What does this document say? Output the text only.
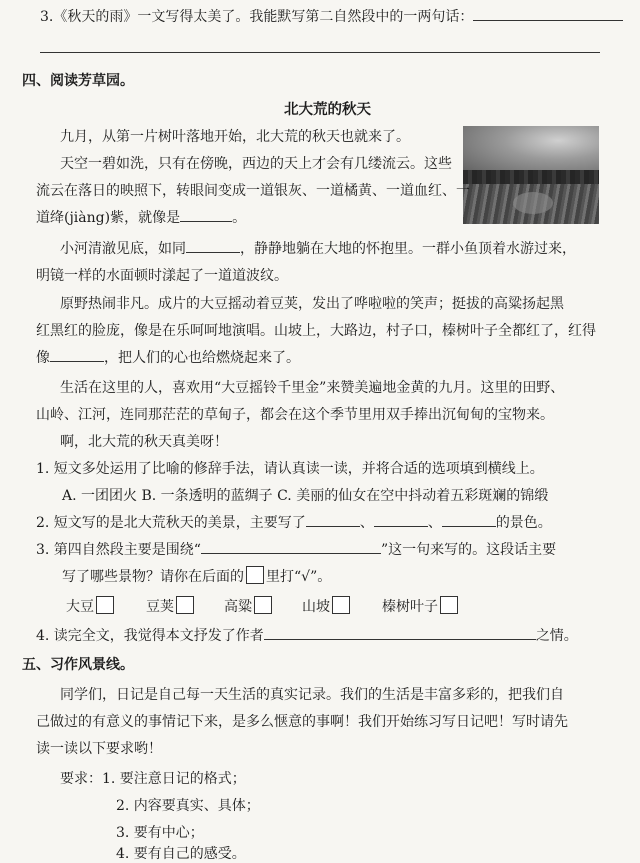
3.《秋天的雨》一文写得太美了。我能默写第二自然段中的一两句话：
四、阅读芳草园。
北大荒的秋天
九月，从第一片树叶落地开始，北大荒的秋天也就来了。
天空一碧如洗，只有在傍晚，西边的天上才会有几缕流云。这些
流云在落日的映照下，转眼间变成一道银灰、一道橘黄、一道血红、一
道绛(jiàng)紫，就像是	。
小河清澈见底，如同	，静静地躺在大地的怀抱里。一群小鱼顶着水游过来，
明镜一样的水面顿时漾起了一道道波纹。
原野热闹非凡。成片的大豆摇动着豆荚，发出了哗啦啦的笑声；挺拔的高粱扬起黑
红黑红的脸庞，像是在乐呵呵地演唱。山坡上，大路边，村子口，榛树叶子全都红了，红得
像	，把人们的心也给燃烧起来了。
生活在这里的人，喜欢用“大豆摇铃千里金”来赞美遍地金黄的九月。这里的田野、
山岭、江河，连同那茫茫的草甸子，都会在这个季节里用双手捧出沉甸甸的宝物来。
啊，北大荒的秋天真美呀！
1. 短文多处运用了比喻的修辞手法，请认真读一读，并将合适的选项填到横线上。
A. 一团团火 B. 一条透明的蓝绸子 C. 美丽的仙女在空中抖动着五彩斑斓的锦缎
2. 短文写的是北大荒秋天的美景，主要写了	、	、	的景色。
3. 第四自然段主要是围绕“	”这一句来写的。这段话主要
写了哪些景物？请你在后面的 里打“√”。
大豆	豆荚	高粱	山坡	榛树叶子
4. 读完全文，我觉得本文抒发了作者	之情。
五、习作风景线。
同学们，日记是自己每一天生活的真实记录。我们的生活是丰富多彩的，把我们自
己做过的有意义的事情记下来，是多么惬意的事啊！我们开始练习写日记吧！写时请先
读一读以下要求哟！
要求：1. 要注意日记的格式；
2. 内容要真实、具体；
3. 要有中心；
4. 要有自己的感受。
